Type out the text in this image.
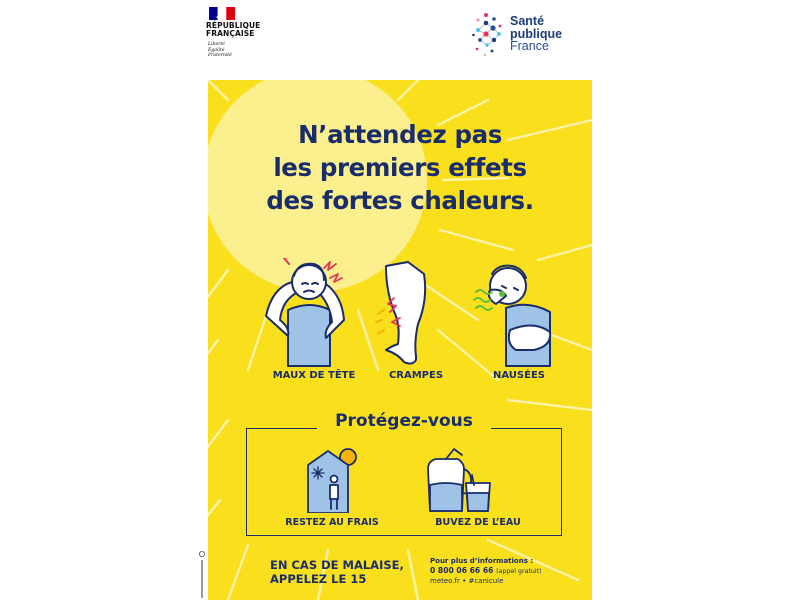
RÉPUBLIQUE
FRANÇAISE
Liberté
Égalité
Fraternité
Santé
publique
France
N’attendez pas
les premiers effets
des fortes chaleurs.
MAUX DE TÊTE	CRAMPES	NAUSÉES
Protégez-vous
RESTEZ AU FRAIS	BUVEZ DE L’EAU
EN CAS DE MALAISE,
APPELEZ LE 15
Pour plus d’informations :
0 800 06 66 66 (appel gratuit)
meteo.fr • #canicule
